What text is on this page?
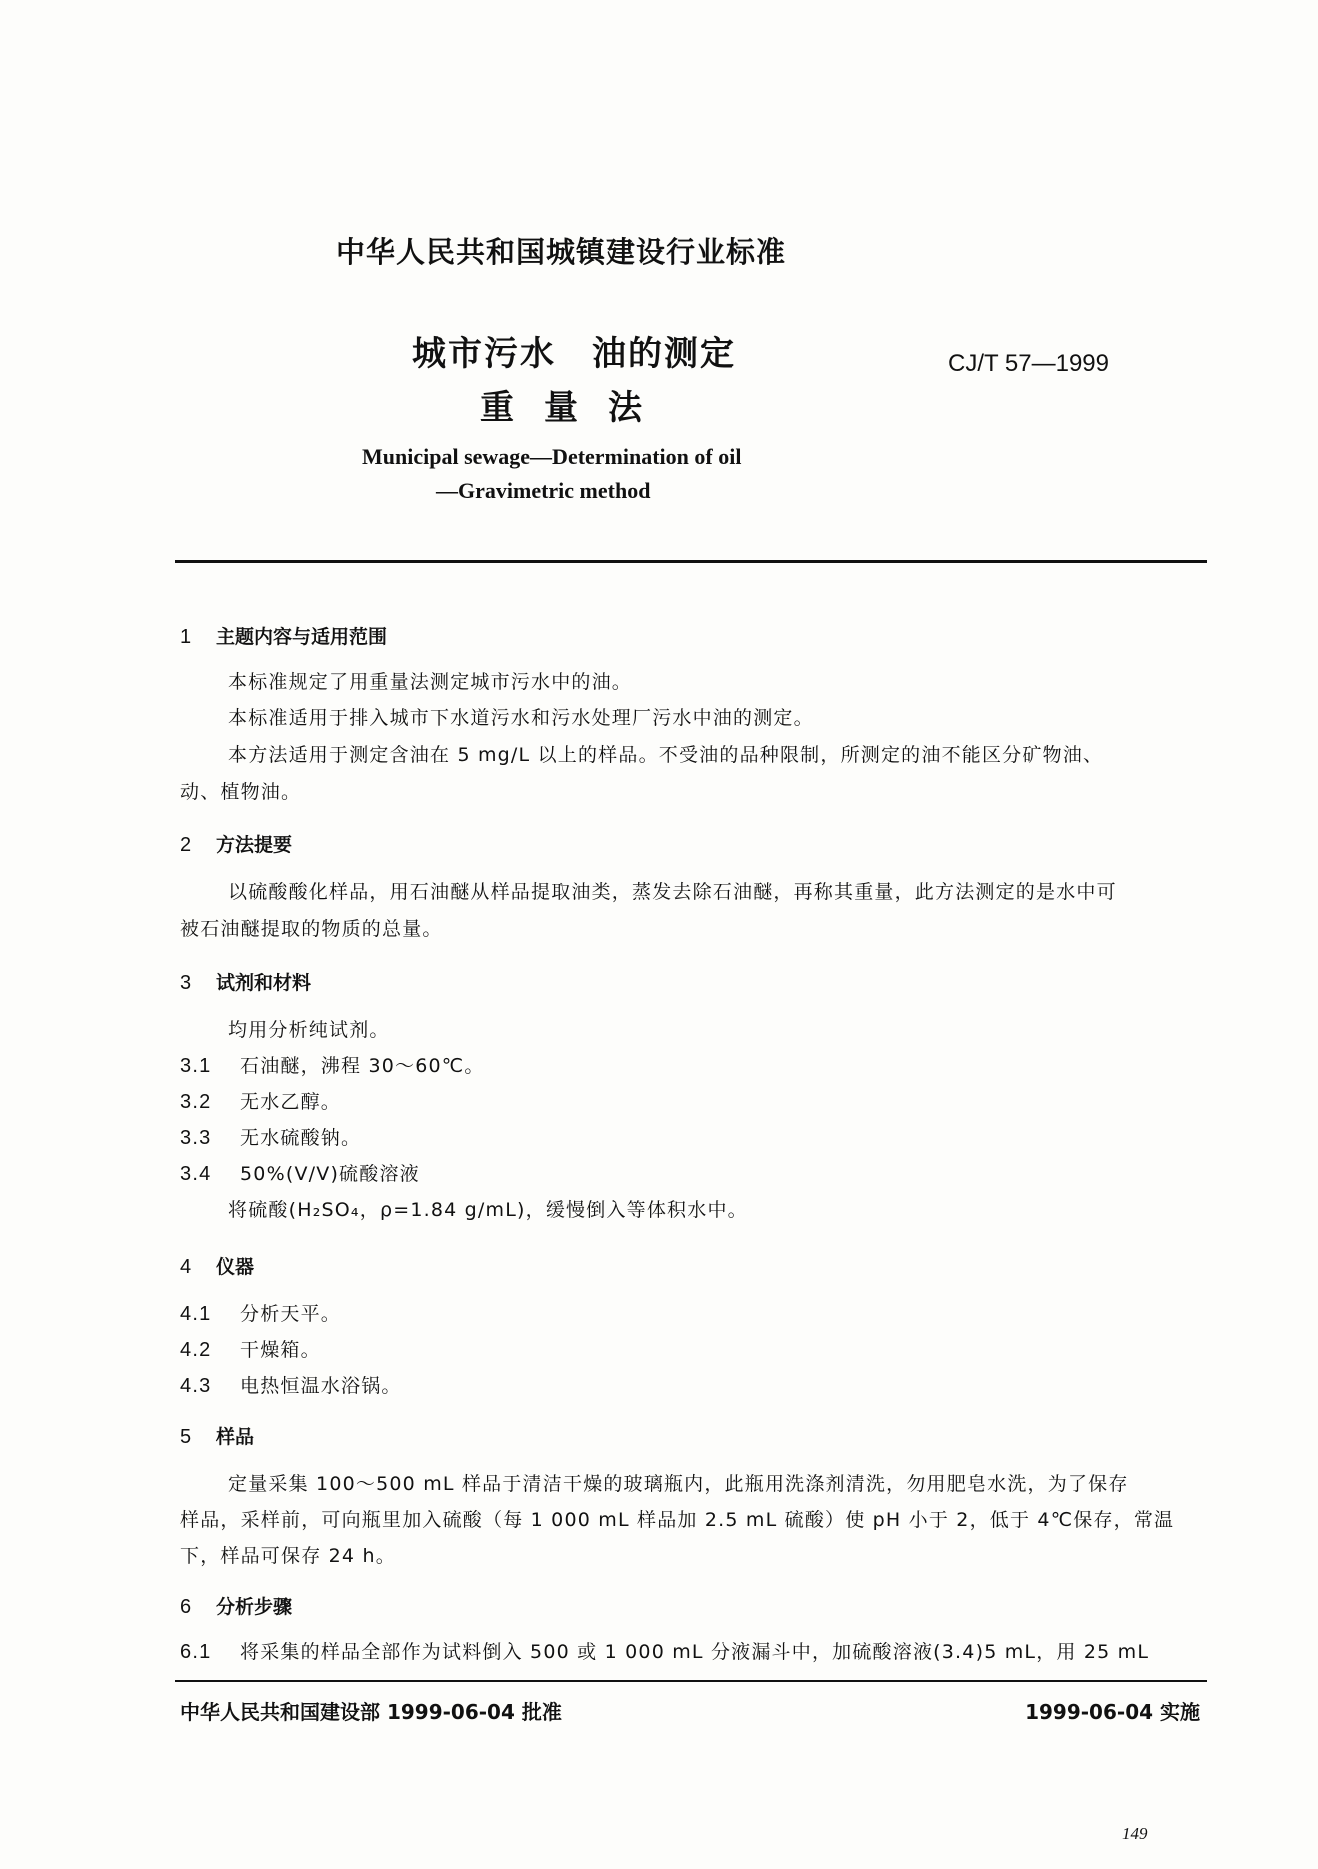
中华人民共和国城镇建设行业标准
城市污水　油的测定
重量法
CJ/T 57—1999
Municipal sewage—Determination of oil
—Gravimetric method
1 主题内容与适用范围
本标准规定了用重量法测定城市污水中的油。
本标准适用于排入城市下水道污水和污水处理厂污水中油的测定。
本方法适用于测定含油在 5 mg/L 以上的样品。不受油的品种限制，所测定的油不能区分矿物油、
动、植物油。
2 方法提要
以硫酸酸化样品，用石油醚从样品提取油类，蒸发去除石油醚，再称其重量，此方法测定的是水中可
被石油醚提取的物质的总量。
3 试剂和材料
均用分析纯试剂。
3.1 石油醚，沸程 30～60℃。
3.2 无水乙醇。
3.3 无水硫酸钠。
3.4 50%(V/V)硫酸溶液
将硫酸(H₂SO₄，ρ=1.84 g/mL)，缓慢倒入等体积水中。
4 仪器
4.1 分析天平。
4.2 干燥箱。
4.3 电热恒温水浴锅。
5 样品
定量采集 100～500 mL 样品于清洁干燥的玻璃瓶内，此瓶用洗涤剂清洗，勿用肥皂水洗，为了保存
样品，采样前，可向瓶里加入硫酸（每 1 000 mL 样品加 2.5 mL 硫酸）使 pH 小于 2，低于 4℃保存，常温
下，样品可保存 24 h。
6 分析步骤
6.1 将采集的样品全部作为试料倒入 500 或 1 000 mL 分液漏斗中，加硫酸溶液(3.4)5 mL，用 25 mL
中华人民共和国建设部 1999-06-04 批准	1999-06-04 实施
149
